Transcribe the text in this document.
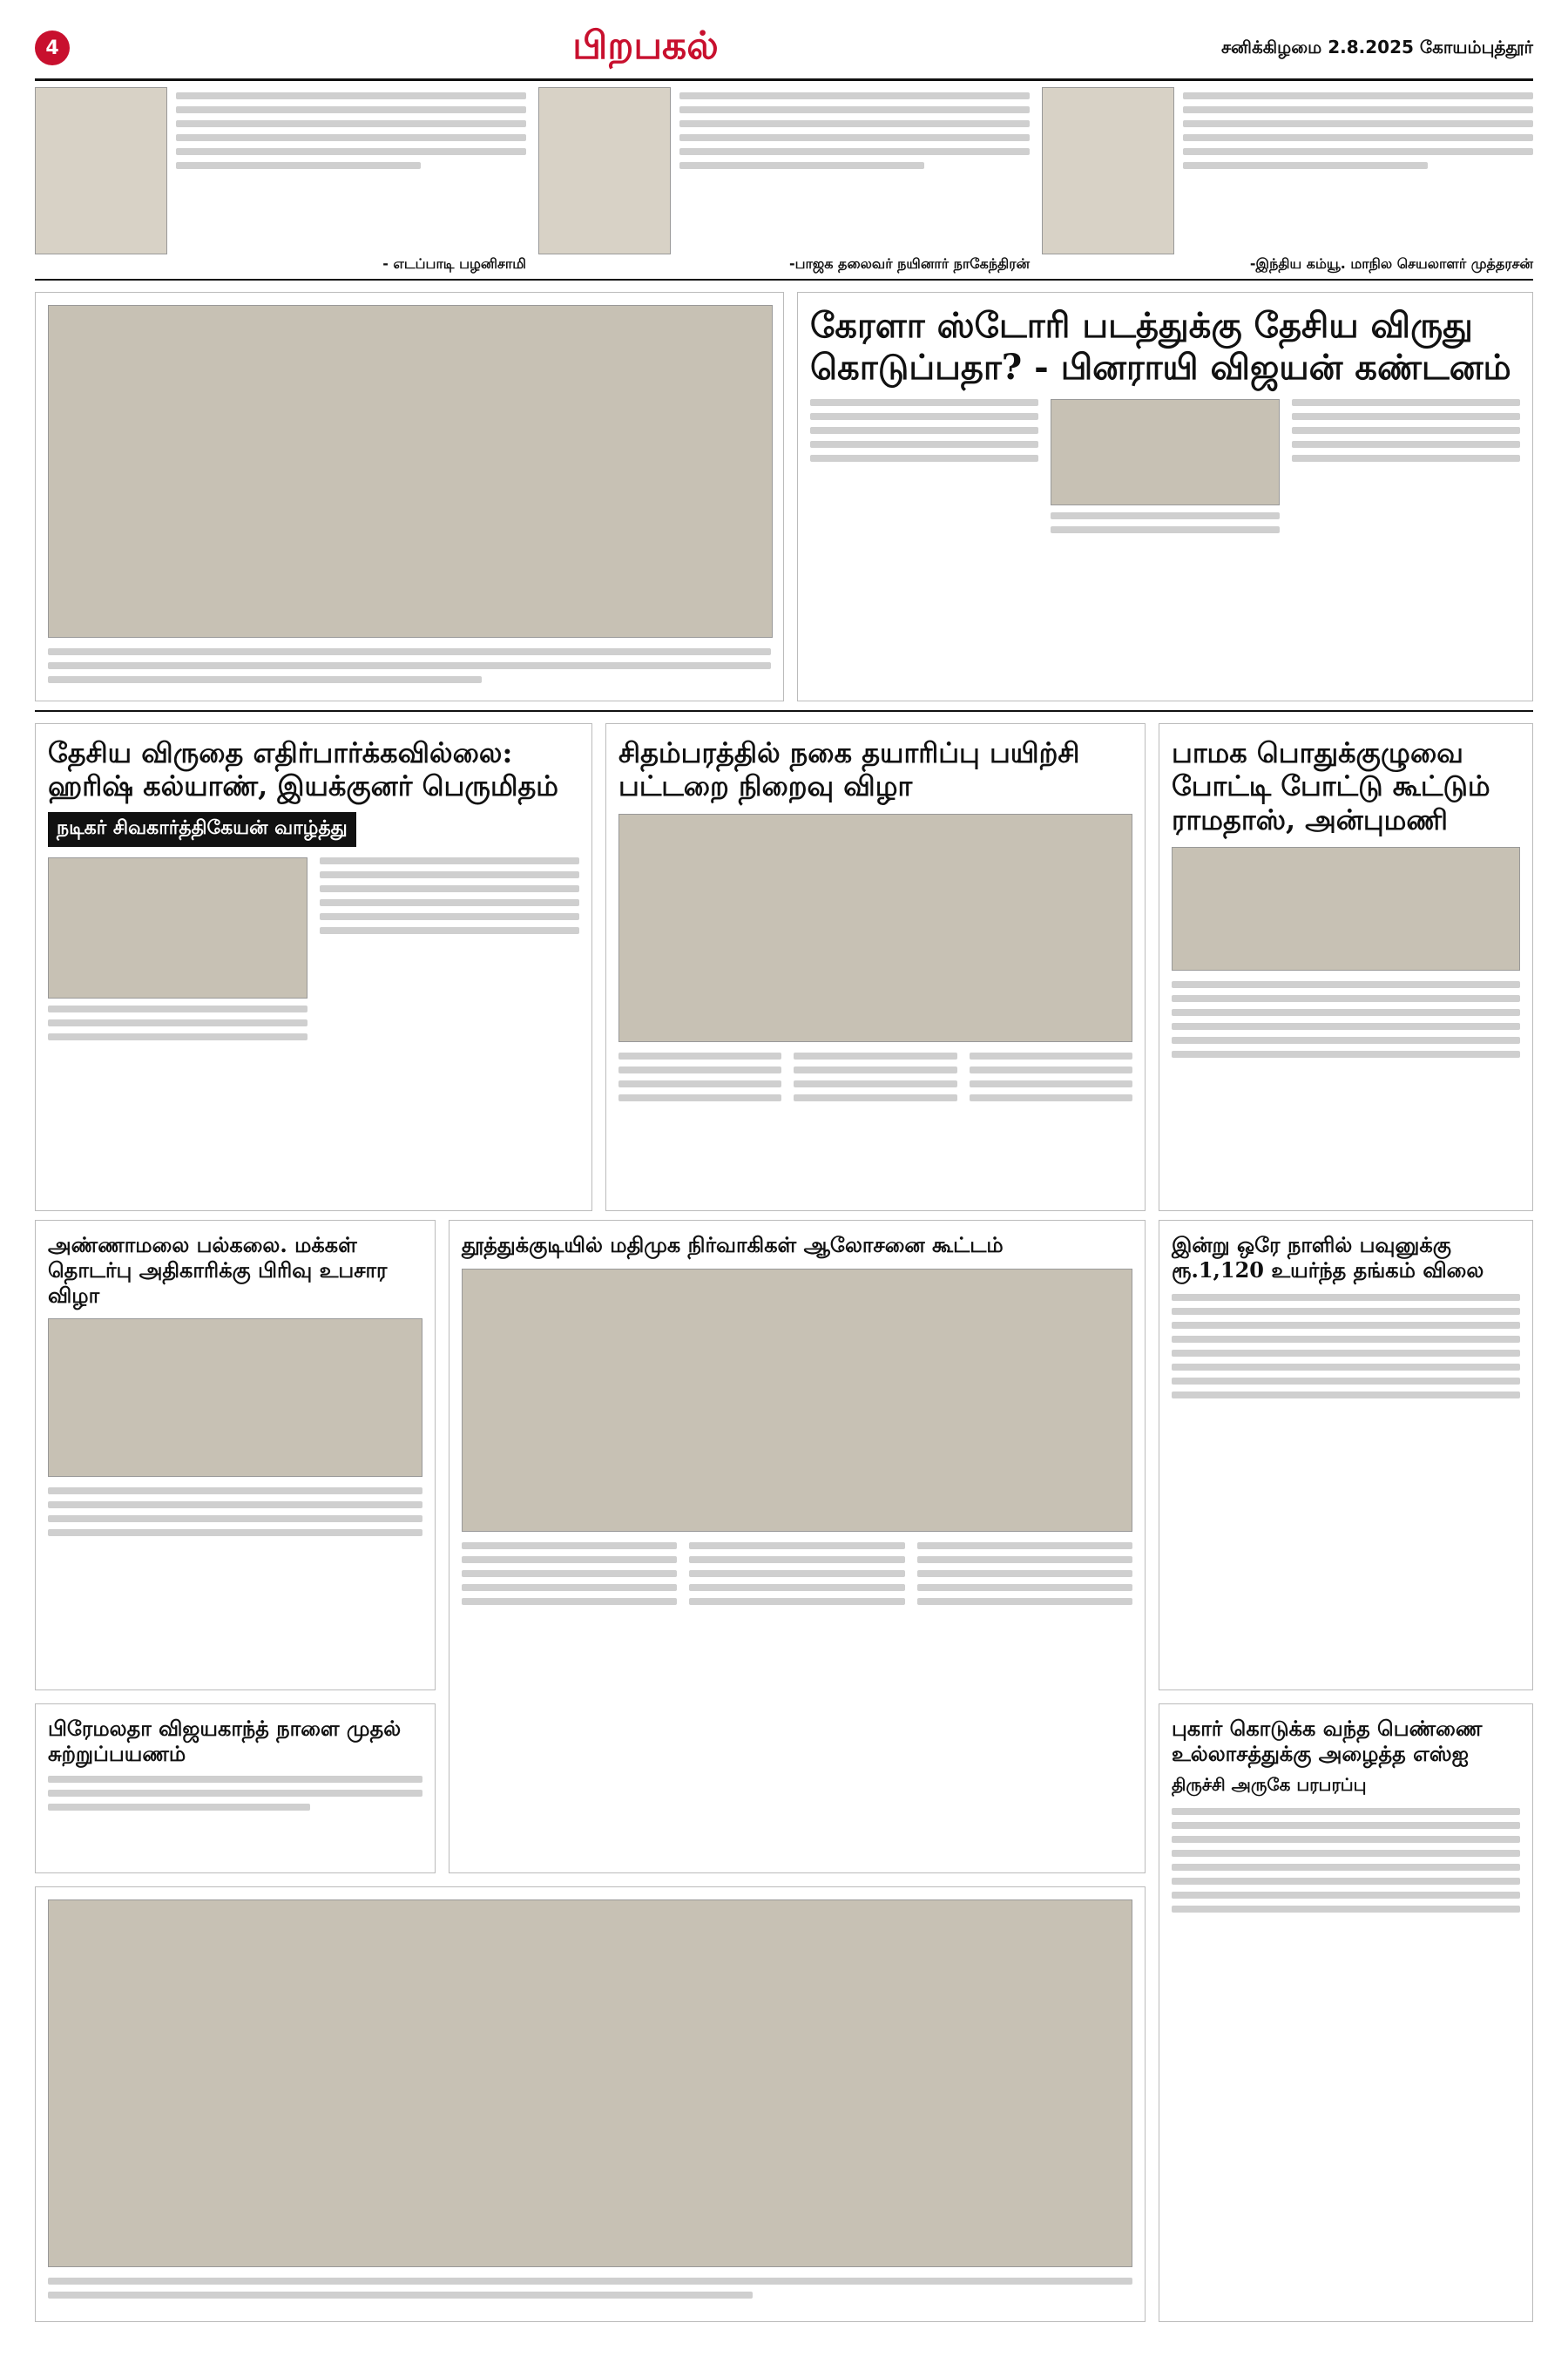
4	பிறபகல்	சனிக்கிழமை 2.8.2025 கோயம்புத்தூர்
- எடப்பாடி பழனிசாமி	-பாஜக தலைவர் நயினார் நாகேந்திரன்	-இந்திய கம்யூ. மாநில செயலாளர் முத்தரசன்
கேரளா ஸ்டோரி படத்துக்கு தேசிய விருது கொடுப்பதா? - பினராயி விஜயன் கண்டனம்
தேசிய விருதை எதிர்பார்க்கவில்லை: ஹரிஷ் கல்யாண், இயக்குனர் பெருமிதம்
நடிகர் சிவகார்த்திகேயன் வாழ்த்து
சிதம்பரத்தில் நகை தயாரிப்பு பயிற்சி பட்டறை நிறைவு விழா
பாமக பொதுக்குழுவை போட்டி போட்டு கூட்டும் ராமதாஸ், அன்புமணி
இன்று ஒரே நாளில் பவுனுக்கு ரூ.1,120 உயர்ந்த தங்கம் விலை
அண்ணாமலை பல்கலை. மக்கள் தொடர்பு அதிகாரிக்கு பிரிவு உபசார விழா
தூத்துக்குடியில் மதிமுக நிர்வாகிகள் ஆலோசனை கூட்டம்
பிரேமலதா விஜயகாந்த் நாளை முதல் சுற்றுப்பயணம்
புகார் கொடுக்க வந்த பெண்ணை உல்லாசத்துக்கு அழைத்த எஸ்ஐ
திருச்சி அருகே பரபரப்பு
